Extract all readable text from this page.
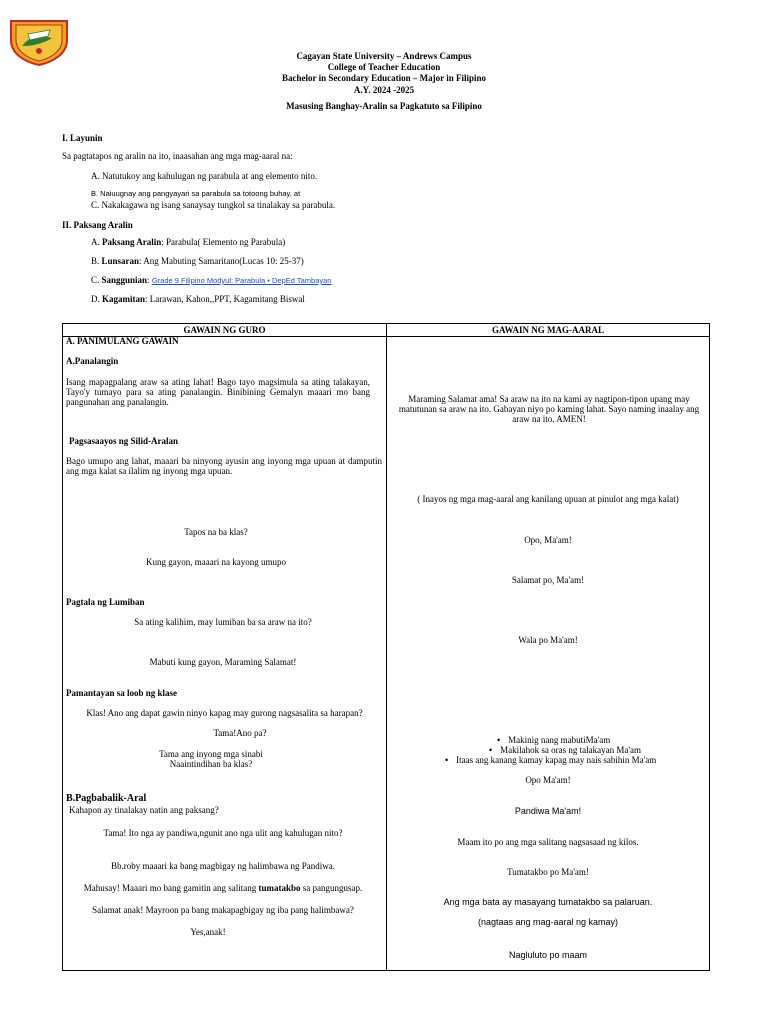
Cagayan State University – Andrews Campus
College of Teacher Education
Bachelor in Secondary Education – Major in Filipino
A.Y. 2024 -2025
Masusing Banghay-Aralin sa Pagkatuto sa Filipino
I. Layunin
Sa pagtatapos ng aralin na ito, inaasahan ang mga mag-aaral na:
A. Natutukoy ang kahulugan ng parabula at ang elemento nito.
B. Naiuugnay ang pangyayari sa parabula sa totoong buhay, at
C. Nakakagawa ng isang sanaysay tungkol sa tinalakay sa parabula.
II. Paksang Aralin
A. Paksang Aralin: Parabula( Elemento ng Parabula)
B. Lunsaran: Ang Mabuting Samaritano(Lucas 10: 25-37)
C. Sanggunian: Grade 9 Filipino Modyul: Parabula • DepEd Tambayan
D. Kagamitan: Larawan, Kahon,,PPT, Kagamitang Biswal
GAWAIN NG GURO	GAWAIN NG MAG-AARAL
A. PANIMULANG GAWAIN
A.Panalangin
Isang mapagpalang araw sa ating lahat! Bago tayo magsimula sa ating talakayan, Tayo'y tumayo para sa ating panalangin. Binibining Gemalyn maaari mo bang pangunahan ang panalangin.
Pagsasaayos ng Silid-Aralan
Bago umupo ang lahat, maaari ba ninyong ayusin ang inyong mga upuan at damputin ang mga kalat sa ilalim ng inyong mga upuan.
Tapos na ba klas?
Kung gayon, maaari na kayong umupo
Pagtala ng Lumiban
Sa ating kalihim, may lumiban ba sa araw na ito?
Mabuti kung gayon, Maraming Salamat!
Pamantayan sa loob ng klase
Klas! Ano ang dapat gawin ninyo kapag may gurong nagsasalita sa harapan?
Tama!Ano pa?
Tama ang inyong mga sinabi
Naaintindihan ba klas?
B.Pagbabalik-Aral
Kahapon ay tinalakay natin ang paksang?
Tama! Ito nga ay pandiwa,ngunit ano nga ulit ang kahulugan nito?
Bb.roby maaari ka bang magbigay ng halimbawa ng Pandiwa.
Mahusay! Maaari mo bang gamitin ang salitang tumatakbo sa pangungusap.
Salamat anak! Mayroon pa bang makapagbigay ng iba pang halimbawa?
Yes,anak!
Maraming Salamat ama! Sa araw na ito na kami ay nagtipon-tipon upang may matutunan sa araw na ito. Gabayan niyo po kaming lahat. Sayo naming inaalay ang araw na ito. AMEN!
( Inayos ng mga mag-aaral ang kanilang upuan at pinulot ang mga kalat)
Opo, Ma'am!
Salamat po, Ma'am!
Wala po Ma'am!
• Makinig nang mabutiMa'am
• Makilahok sa oras ng talakayan Ma'am
• Itaas ang kanang kamay kapag may nais sabihin Ma'am
Opo Ma'am!
Pandiwa Ma'am!
Maam ito po ang mga salitang nagsasaad ng kilos.
Tumatakbo po Ma'am!
Ang mga bata ay masayang tumatakbo sa palaruan.
(nagtaas ang mag-aaral ng kamay)
Nagluluto po maam
